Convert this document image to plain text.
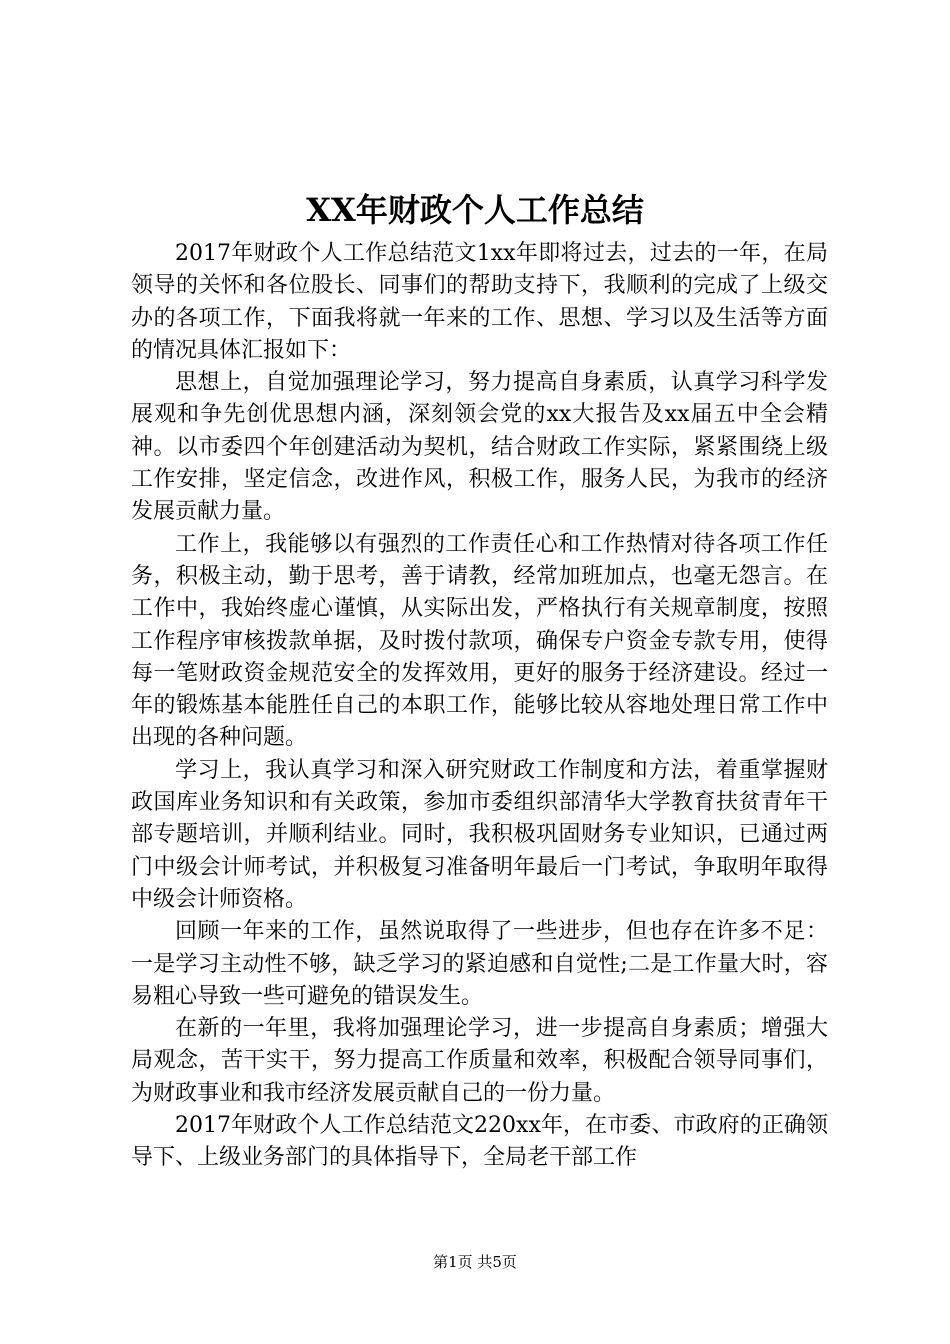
XX年财政个人工作总结

2017年财政个人工作总结范文1xx年即将过去，过去的一年，在局领导的关怀和各位股长、同事们的帮助支持下，我顺利的完成了上级交办的各项工作，下面我将就一年来的工作、思想、学习以及生活等方面的情况具体汇报如下：

思想上，自觉加强理论学习，努力提高自身素质，认真学习科学发展观和争先创优思想内涵，深刻领会党的xx大报告及xx届五中全会精神。以市委四个年创建活动为契机，结合财政工作实际，紧紧围绕上级工作安排，坚定信念，改进作风，积极工作，服务人民，为我市的经济发展贡献力量。

工作上，我能够以有强烈的工作责任心和工作热情对待各项工作任务，积极主动，勤于思考，善于请教，经常加班加点，也毫无怨言。在工作中，我始终虚心谨慎，从实际出发，严格执行有关规章制度，按照工作程序审核拨款单据，及时拨付款项，确保专户资金专款专用，使得每一笔财政资金规范安全的发挥效用，更好的服务于经济建设。经过一年的锻炼基本能胜任自己的本职工作，能够比较从容地处理日常工作中出现的各种问题。

学习上，我认真学习和深入研究财政工作制度和方法，着重掌握财政国库业务知识和有关政策，参加市委组织部清华大学教育扶贫青年干部专题培训，并顺利结业。同时，我积极巩固财务专业知识，已通过两门中级会计师考试，并积极复习准备明年最后一门考试，争取明年取得中级会计师资格。

回顾一年来的工作，虽然说取得了一些进步，但也存在许多不足：一是学习主动性不够，缺乏学习的紧迫感和自觉性;二是工作量大时，容易粗心导致一些可避免的错误发生。

在新的一年里，我将加强理论学习，进一步提高自身素质；增强大局观念，苦干实干，努力提高工作质量和效率，积极配合领导同事们，为财政事业和我市经济发展贡献自己的一份力量。

2017年财政个人工作总结范文220xx年，在市委、市政府的正确领导下、上级业务部门的具体指导下，全局老干部工作

第1页 共5页
